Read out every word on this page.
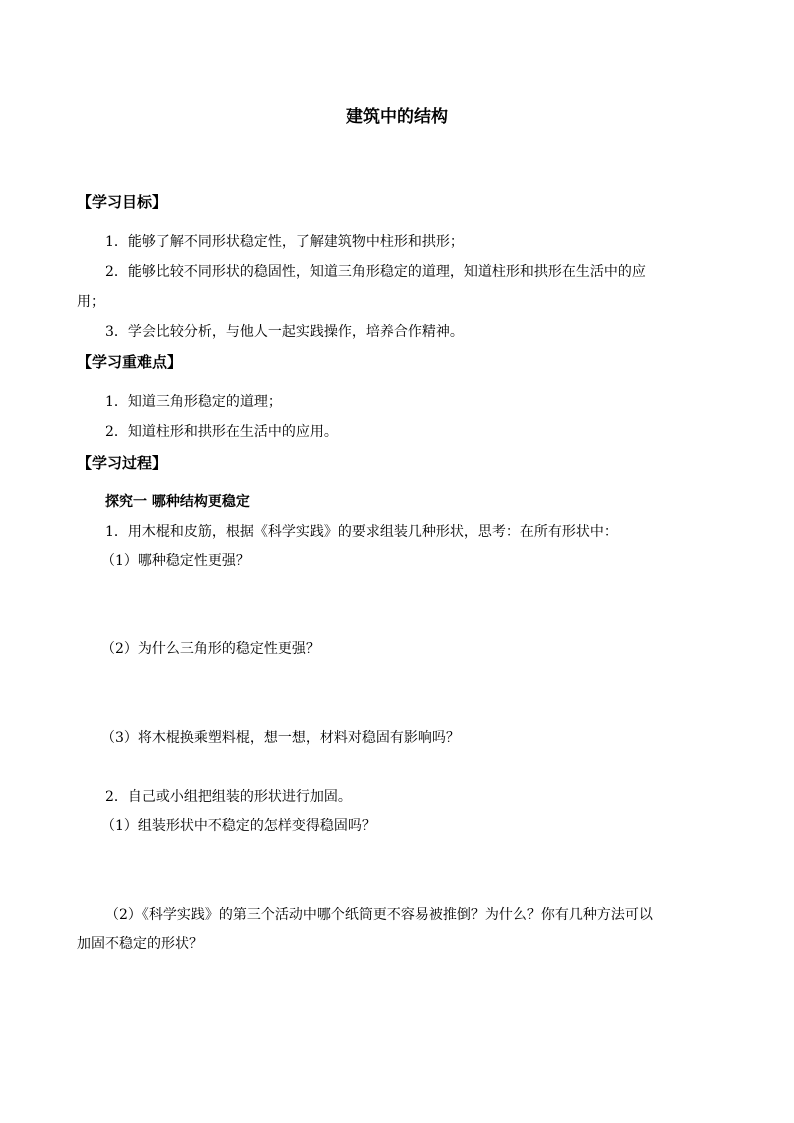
建筑中的结构
【学习目标】
1．能够了解不同形状稳定性，了解建筑物中柱形和拱形；
2．能够比较不同形状的稳固性，知道三角形稳定的道理，知道柱形和拱形在生活中的应
用；
3．学会比较分析，与他人一起实践操作，培养合作精神。
【学习重难点】
1．知道三角形稳定的道理；
2．知道柱形和拱形在生活中的应用。
【学习过程】
探究一 哪种结构更稳定
1．用木棍和皮筋，根据《科学实践》的要求组装几种形状，思考：在所有形状中：
（1）哪种稳定性更强？
（2）为什么三角形的稳定性更强？
（3）将木棍换乘塑料棍，想一想，材料对稳固有影响吗？
2．自己或小组把组装的形状进行加固。
（1）组装形状中不稳定的怎样变得稳固吗？
（2）《科学实践》的第三个活动中哪个纸筒更不容易被推倒？为什么？你有几种方法可以
加固不稳定的形状？
